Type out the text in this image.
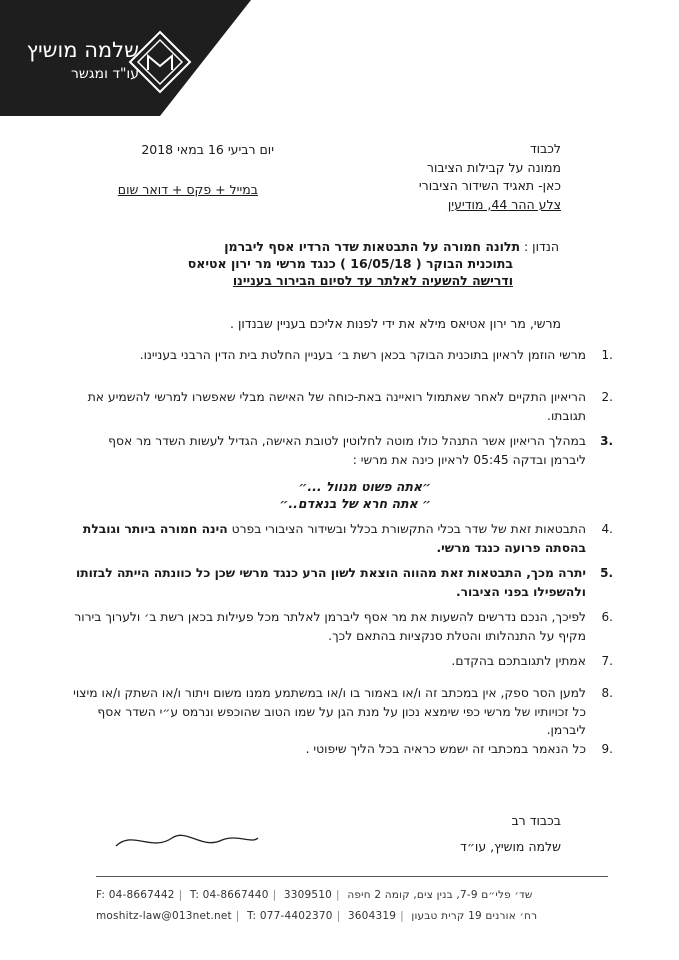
שלמה מושיץ
עו"ד ומגשר
לכבוד
ממונה על קבילות הציבור
כאן- תאגיד השידור הציבורי
צלע ההר 44, מודיעין
יום רביעי 16 במאי 2018
במייל + פקס + דואר שום
הנדון : תלונה חמורה על התבטאות שדר הרדיו אסף ליברמן
בתוכנית הבוקר ( 16/05/18 ) כנגד מרשי מר ירון אטיאס
ודרישה להשעיה לאלתר עד לסיום הבירור בעניינו
מרשי, מר ירון אטיאס מילא את ידי לפנות אליכם בעניין שבנדון .
.1
מרשי הוזמן לראיון בתוכנית הבוקר בכאן רשת ב׳ בעניין החלטת בית הדין הרבני בעניינו.
.2
הריאיון התקיים לאחר שאתמול רואיינה באת-כוחה של האישה מבלי שאפשרו למרשי להשמיע את תגובתו.
.3
במהלך הריאיון אשר התנהל כולו מוטה לחלוטין לטובת האישה, הגדיל לעשות השדר מר אסף ליברמן ובדקה 05:45 לראיון כינה את מרשי :
״אתה פשוט מנוול ...״
״ אתה חרא של בנאדם..״
.4
התבטאות זאת של שדר בכלי התקשורת בכלל ובשידור הציבורי בפרט הינה חמורה ביותר וגובלת בהסתה פרועה כנגד מרשי.
.5
יתרה מכך, התבטאות זאת מהווה הוצאת לשון הרע כנגד מרשי שכן כל כוונתה הייתה לבזותו ולהשפילו בפני הציבור.
.6
לפיכך, הנכם נדרשים להשעות את מר אסף ליברמן לאלתר מכל פעילות בכאן רשת ב׳ ולערוך בירור מקיף על התנהלותו והטלת סנקציות בהתאם לכך.
.7
אמתין לתגובתכם בהקדם.
.8
למען הסר ספק, אין במכתב זה ו/או באמור בו ו/או במשתמע ממנו משום ויתור ו/או השתק ו/או מיצוי כל זכויותיו של מרשי כפי שימצא נכון על מנת הגן על שמו הטוב שהוכפש ונרמס ע״י השדר אסף ליברמן.
.9
כל הנאמר במכתבי זה ישמש כראיה בכל הליך שיפוטי .
בכבוד רב
שלמה מושיץ, עו״ד
F: 04-8667442 | T: 04-8667440 | 3309510 | שד׳ פלי״ם 7-9, בנין צים, קומה 2 חיפה
moshitz-law@013net.net | T: 077-4402370 | 3604319 | רח׳ אורנים 19 קרית טבעון
